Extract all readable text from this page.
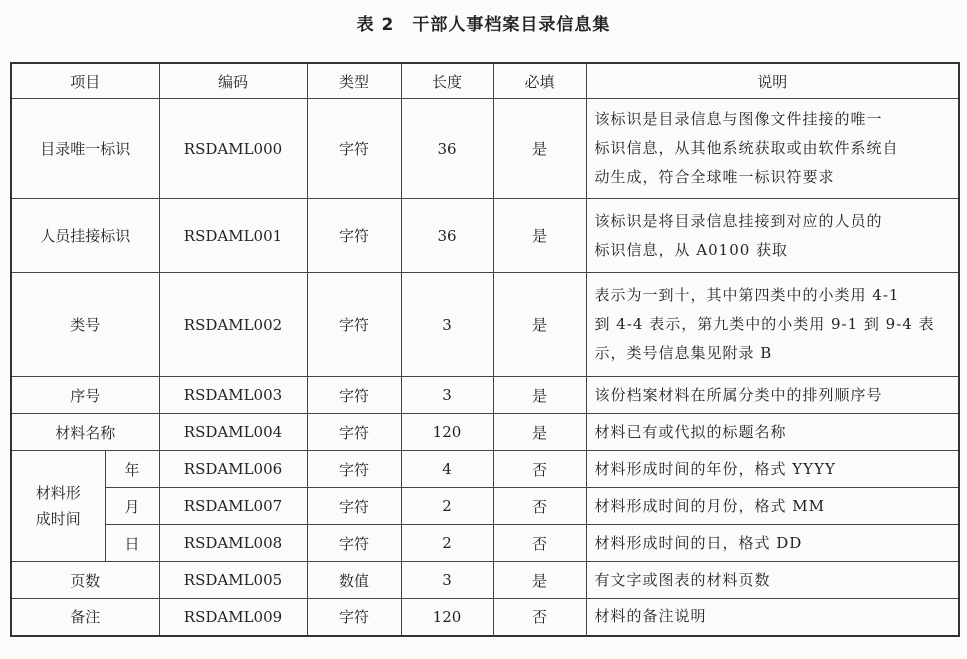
表 2　干部人事档案目录信息集
项目		编码	类型	长度	必填	说明
目录唯一标识		RSDAML000	字符	36	是	该标识是目录信息与图像文件挂接的唯一
标识信息，从其他系统获取或由软件系统自
动生成，符合全球唯一标识符要求

人员挂接标识		RSDAML001	字符	36	是	该标识是将目录信息挂接到对应的人员的
标识信息，从 A0100 获取

类号		RSDAML002	字符	3	是	表示为一到十，其中第四类中的小类用 4-1
到 4-4 表示，第九类中的小类用 9-1 到 9-4 表
示，类号信息集见附录 B

序号		RSDAML003	字符	3	是	该份档案材料在所属分类中的排列顺序号

材料名称		RSDAML004	字符	120	是	材料已有或代拟的标题名称

材料形
成时间	年	RSDAML006	字符	4	否	材料形成时间的年份，格式 YYYY

	月	RSDAML007	字符	2	否	材料形成时间的月份，格式 MM

	日	RSDAML008	字符	2	否	材料形成时间的日，格式 DD

页数		RSDAML005	数值	3	是	有文字或图表的材料页数

备注		RSDAML009	字符	120	否	材料的备注说明
